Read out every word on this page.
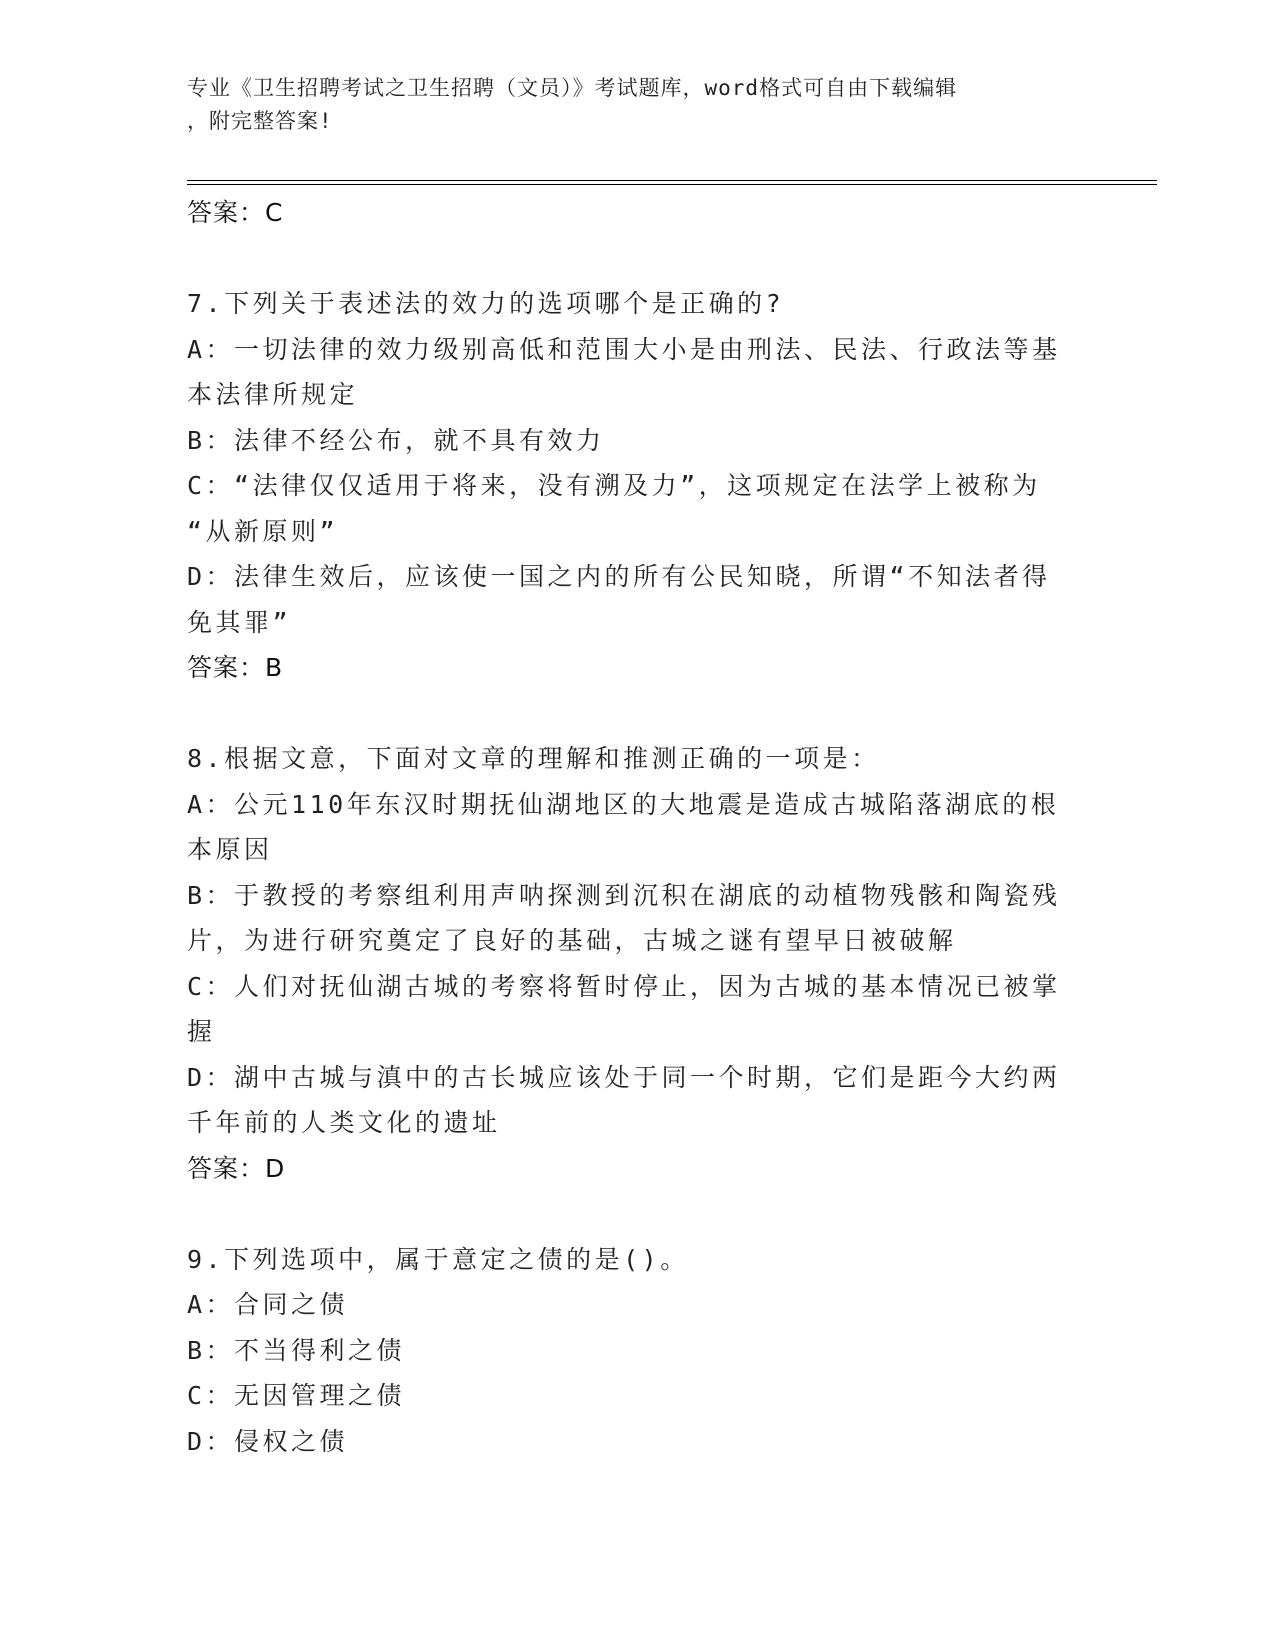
专业《卫生招聘考试之卫生招聘（文员）》考试题库，word格式可自由下载编辑
，附完整答案!
答案：C
7.下列关于表述法的效力的选项哪个是正确的?
A：一切法律的效力级别高低和范围大小是由刑法、民法、行政法等基
本法律所规定
B：法律不经公布，就不具有效力
C：“法律仅仅适用于将来，没有溯及力”，这项规定在法学上被称为
“从新原则”
D：法律生效后，应该使一国之内的所有公民知晓，所谓“不知法者得
免其罪”
答案：B
8.根据文意，下面对文章的理解和推测正确的一项是：
A：公元110年东汉时期抚仙湖地区的大地震是造成古城陷落湖底的根
本原因
B：于教授的考察组利用声呐探测到沉积在湖底的动植物残骸和陶瓷残
片，为进行研究奠定了良好的基础，古城之谜有望早日被破解
C：人们对抚仙湖古城的考察将暂时停止，因为古城的基本情况已被掌
握
D：湖中古城与滇中的古长城应该处于同一个时期，它们是距今大约两
千年前的人类文化的遗址
答案：D
9.下列选项中，属于意定之债的是()。
A：合同之债
B：不当得利之债
C：无因管理之债
D：侵权之债
